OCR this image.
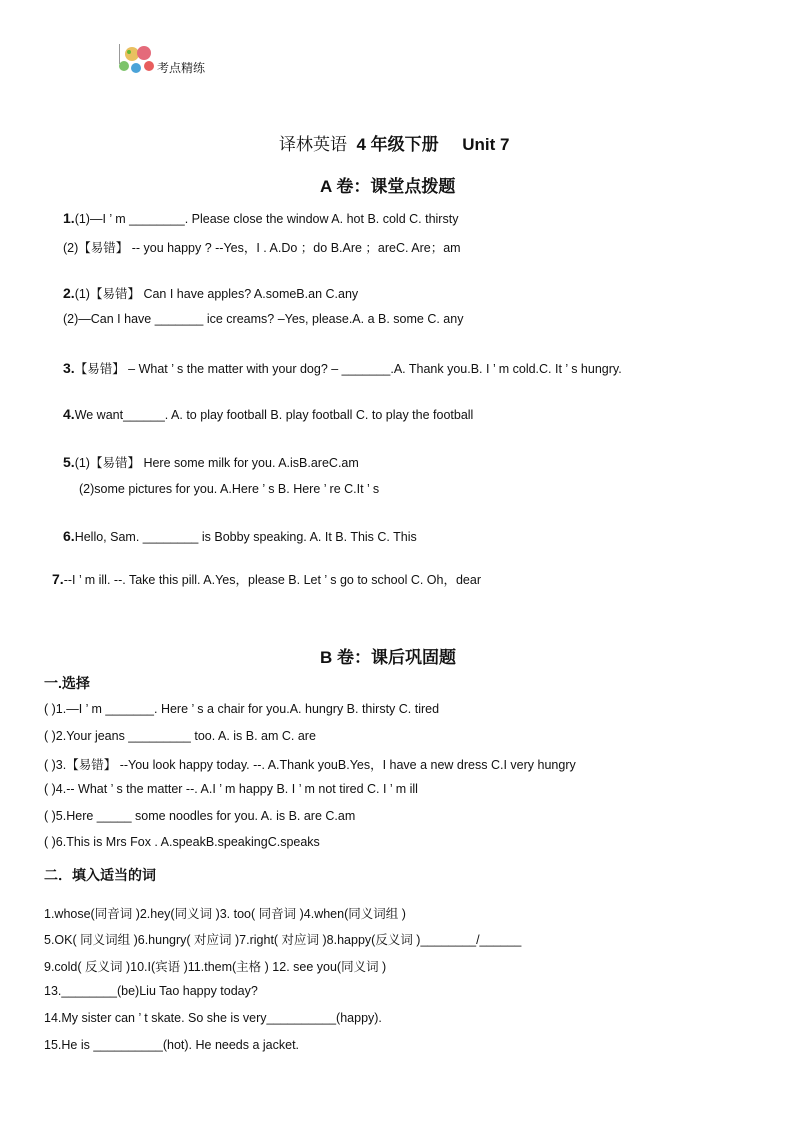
考点精练
译林英语 4 年级下册 Unit 7
A 卷：课堂点拨题
1.(1)—I ’ m ________. Please close the window A. hot B. cold C. thirsty
(2)【易错】 -- you happy ? --Yes，I . A.Do ；do B.Are ；areC. Are；am
2.(1)【易错】 Can I have apples? A.someB.an C.any
(2)—Can I have _______ ice creams? –Yes, please.A. a B. some C. any
3.【易错】 – What ’ s the matter with your dog? – _______.A. Thank you.B. I ’ m cold.C. It ’ s hungry.
4.We want______. A. to play football B. play football C. to play the football
5.(1)【易错】 Here some milk for you. A.isB.areC.am
(2)some pictures for you. A.Here ’ s B. Here ’ re C.It ’ s
6.Hello, Sam. ________ is Bobby speaking. A. It B. This C. This
7.--I ’ m ill. --. Take this pill. A.Yes，please B. Let ’ s go to school C. Oh，dear
B 卷：课后巩固题
一.选择
( )1.—I ’ m _______. Here ’ s a chair for you.A. hungry B. thirsty C. tired
( )2.Your jeans _________ too. A. is B. am C. are
( )3.【易错】 --You look happy today. --. A.Thank youB.Yes，I have a new dress C.I very hungry
( )4.-- What ’ s the matter --. A.I ’ m happy B. I ’ m not tired C. I ’ m ill
( )5.Here _____ some noodles for you. A. is B. are C.am
( )6.This is Mrs Fox . A.speakB.speakingC.speaks
二．填入适当的词
1.whose(同音词 )2.hey(同义词 )3. too( 同音词 )4.when(同义词组 )
5.OK( 同义词组 )6.hungry( 对应词 )7.right( 对应词 )8.happy(反义词 )________/______
9.cold( 反义词 )10.I(宾语 )11.them(主格 ) 12. see you(同义词 )
13.________(be)Liu Tao happy today?
14.My sister can ’ t skate. So she is very__________(happy).
15.He is __________(hot). He needs a jacket.
